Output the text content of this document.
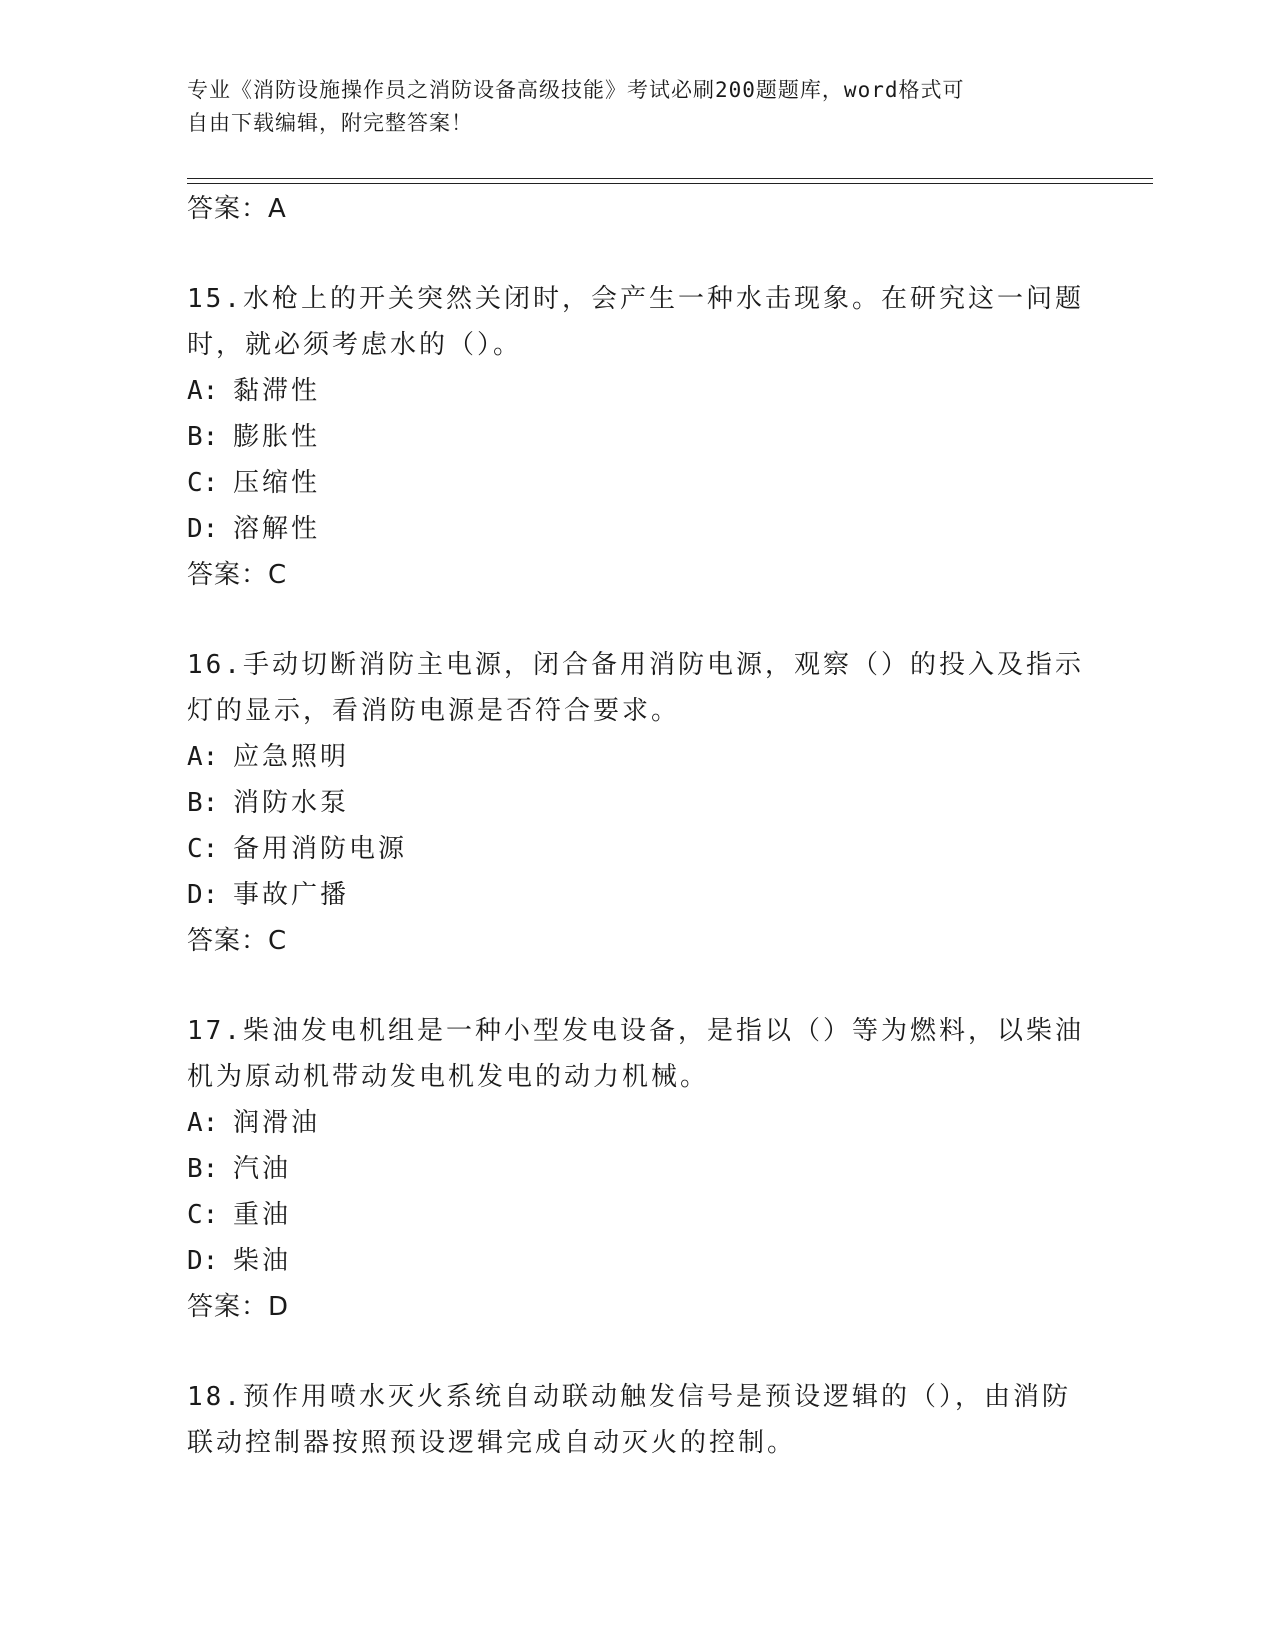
专业《消防设施操作员之消防设备高级技能》考试必刷200题题库，word格式可

自由下载编辑，附完整答案！

答案：A

15.水枪上的开关突然关闭时，会产生一种水击现象。在研究这一问题

时，就必须考虑水的（）。

A: 黏滞性
B: 膨胀性
C: 压缩性
D: 溶解性

答案：C

16.手动切断消防主电源，闭合备用消防电源，观察（）的投入及指示

灯的显示，看消防电源是否符合要求。

A: 应急照明
B: 消防水泵
C: 备用消防电源
D: 事故广播

答案：C

17.柴油发电机组是一种小型发电设备，是指以（）等为燃料，以柴油

机为原动机带动发电机发电的动力机械。

A: 润滑油
B: 汽油
C: 重油
D: 柴油

答案：D

18.预作用喷水灭火系统自动联动触发信号是预设逻辑的（），由消防

联动控制器按照预设逻辑完成自动灭火的控制。
